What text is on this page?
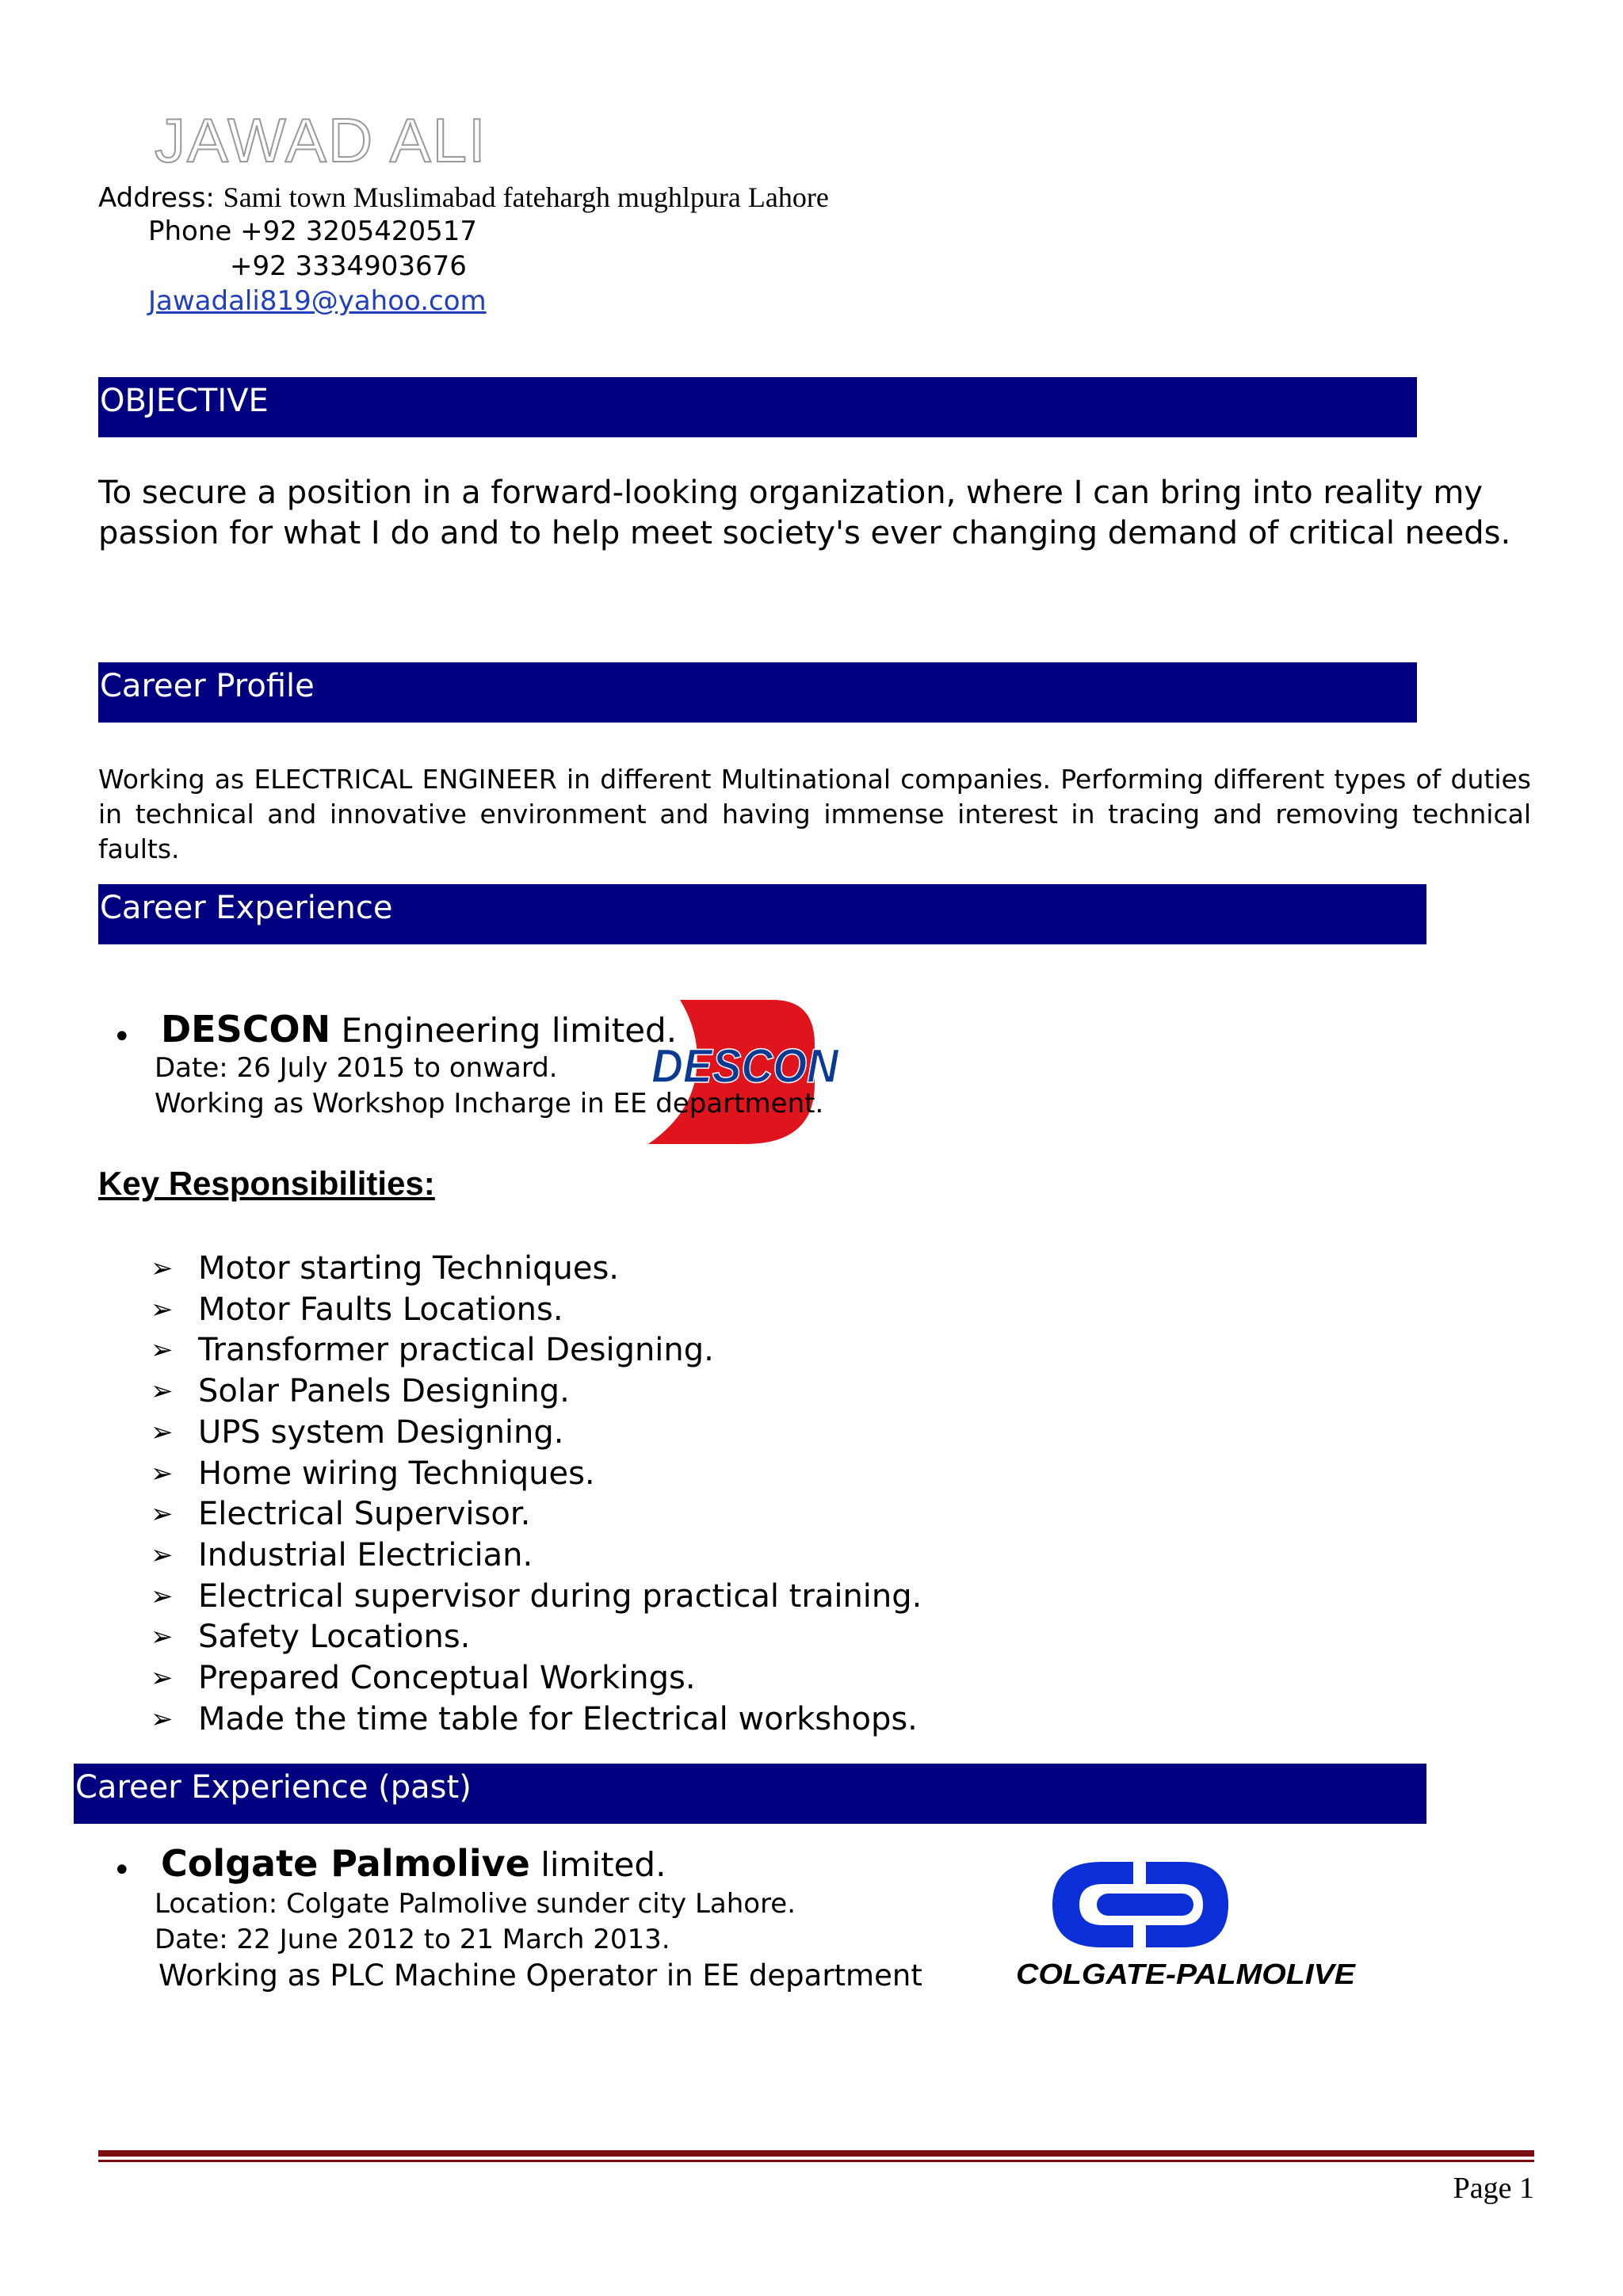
JAWAD ALI
Address: Sami town Muslimabad fatehargh mughlpura Lahore
Phone +92 3205420517
+92 3334903676
Jawadali819@yahoo.com
OBJECTIVE
To secure a position in a forward-looking organization, where I can bring into reality my passion for what I do and to help meet society's ever changing demand of critical needs.
Career Profile
Working as ELECTRICAL ENGINEER in different Multinational companies. Performing different types of duties in technical and innovative environment and having immense interest in tracing and removing technical faults.
Career Experience
DESCON
• DESCON Engineering limited.
Date: 26 July 2015 to onward.
Working as Workshop Incharge in EE department.
Key Responsibilities:
➢ Motor starting Techniques.
➢ Motor Faults Locations.
➢ Transformer practical Designing.
➢ Solar Panels Designing.
➢ UPS system Designing.
➢ Home wiring Techniques.
➢ Electrical Supervisor.
➢ Industrial Electrician.
➢ Electrical supervisor during practical training.
➢ Safety Locations.
➢ Prepared Conceptual Workings.
➢ Made the time table for Electrical workshops.
Career Experience (past)
• Colgate Palmolive limited.
Location: Colgate Palmolive sunder city Lahore.
Date: 22 June 2012 to 21 March 2013.
Working as PLC Machine Operator in EE department	COLGATE-PALMOLIVE
Page 1
